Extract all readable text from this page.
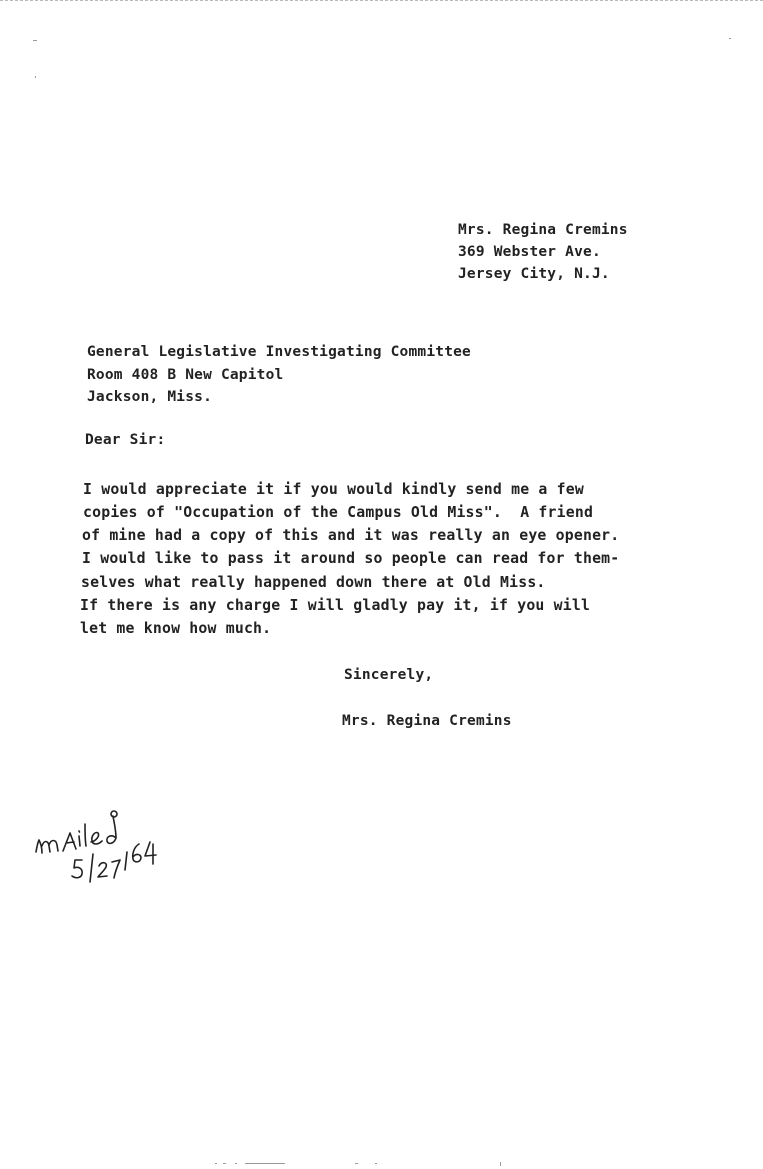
Mrs. Regina Cremins
369 Webster Ave.
Jersey City, N.J.
General Legislative Investigating Committee
Room 408 B New Capitol
Jackson, Miss.
Dear Sir:
I would appreciate it if you would kindly send me a few
copies of "Occupation of the Campus Old Miss".  A friend
of mine had a copy of this and it was really an eye opener.
I would like to pass it around so people can read for them-
selves what really happened down there at Old Miss.
If there is any charge I will gladly pay it, if you will
let me know how much.
Sincerely,
Mrs. Regina Cremins
